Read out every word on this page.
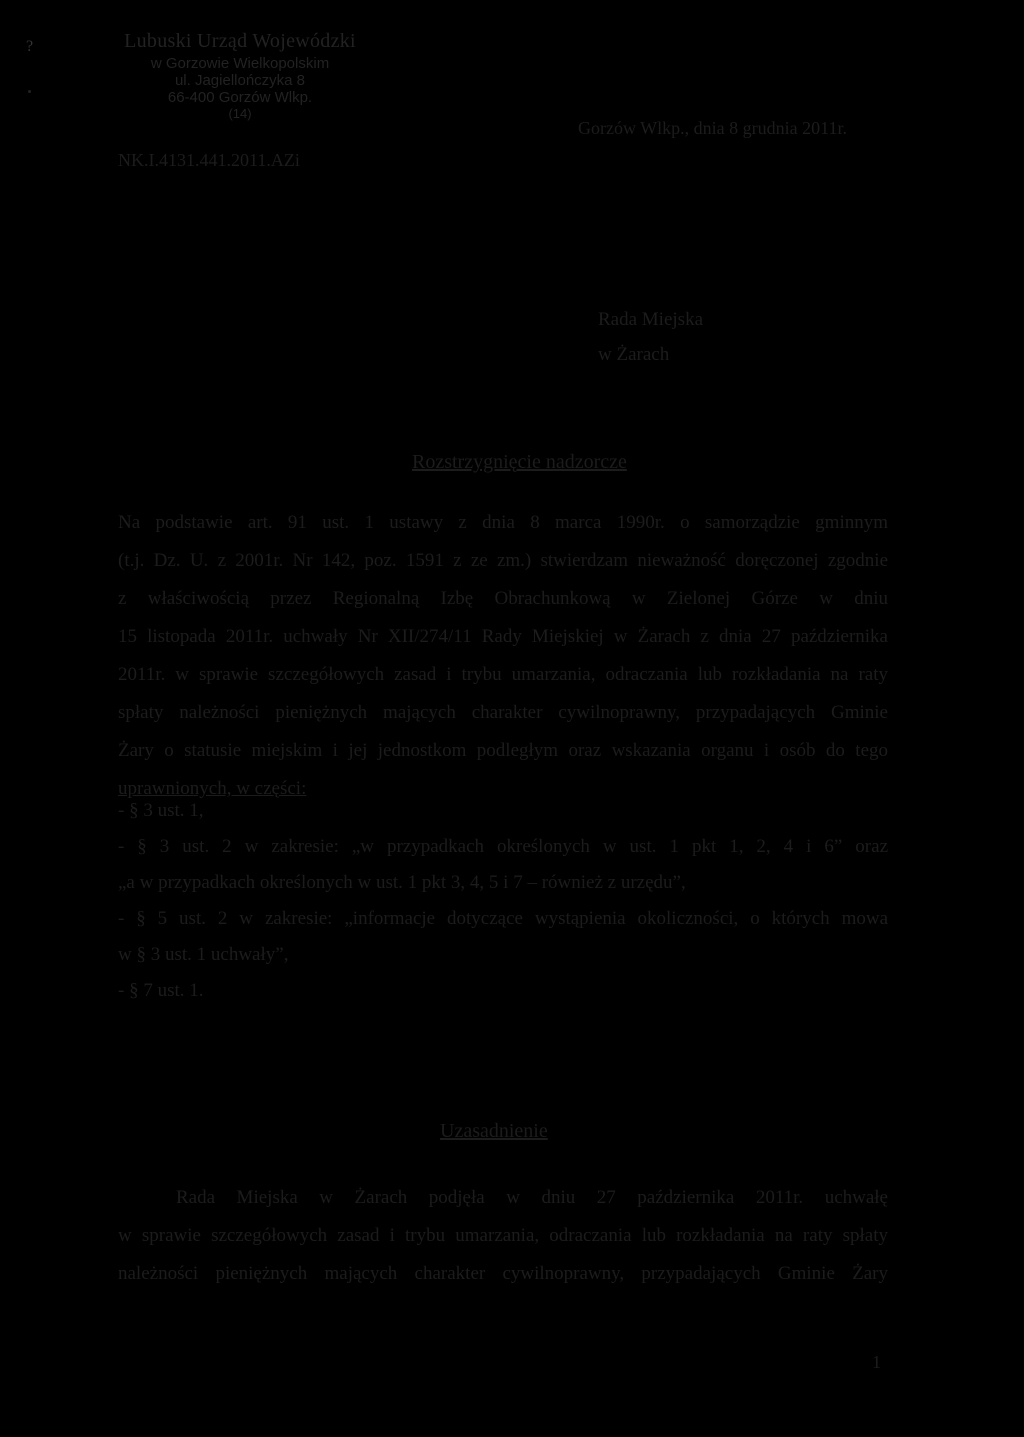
?	Lubuski Urząd Wojewódzki
w Gorzowie Wielkopolskim
ul. Jagiellończyka 8
66-400 Gorzów Wlkp.
(14)
NK.I.4131.441.2011.AZi
Gorzów Wlkp., dnia 8 grudnia 2011r.
Rada Miejska
w Żarach
Rozstrzygnięcie nadzorcze
Na podstawie art. 91 ust. 1 ustawy z dnia 8 marca 1990r. o samorządzie gminnym
(t.j. Dz. U. z 2001r. Nr 142, poz. 1591 z ze zm.) stwierdzam nieważność doręczonej zgodnie
z właściwością przez Regionalną Izbę Obrachunkową w Zielonej Górze w dniu
15 listopada 2011r. uchwały Nr XII/274/11 Rady Miejskiej w Żarach z dnia 27 października
2011r. w sprawie szczegółowych zasad i trybu umarzania, odraczania lub rozkładania na raty
spłaty należności pieniężnych mających charakter cywilnoprawny, przypadających Gminie
Żary o statusie miejskim i jej jednostkom podległym oraz wskazania organu i osób do tego
uprawnionych, w części:
- § 3 ust. 1,
- § 3 ust. 2 w zakresie: „w przypadkach określonych w ust. 1 pkt 1, 2, 4 i 6” oraz
„a w przypadkach określonych w ust. 1 pkt 3, 4, 5 i 7 – również z urzędu”,
- § 5 ust. 2 w zakresie: „informacje dotyczące wystąpienia okoliczności, o których mowa
w § 3 ust. 1 uchwały”,
- § 7 ust. 1.
Uzasadnienie
Rada Miejska w Żarach podjęła w dniu 27 października 2011r. uchwałę
w sprawie szczegółowych zasad i trybu umarzania, odraczania lub rozkładania na raty spłaty
należności pieniężnych mających charakter cywilnoprawny, przypadających Gminie Żary
1
